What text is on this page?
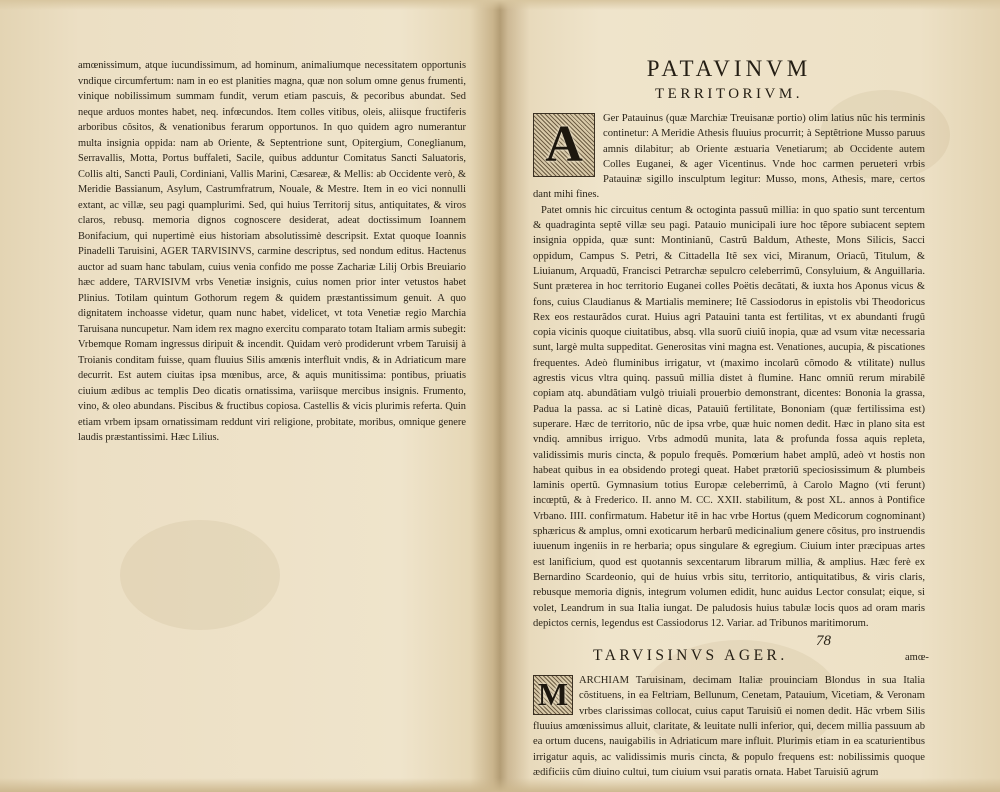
amœnissimum, atque iucundissimum, ad hominum, animaliumque necessitatem opportunis vndique circumfertum: nam in eo est planities magna, quæ non solum omne genus frumenti, vinique nobilissimum summam fundit, verum etiam pascuis, & pecoribus abundat. Sed neque arduos montes habet, neq. infœcundos. Item colles vitibus, oleis, aliisque fructiferis arboribus cõsitos, & venationibus ferarum opportunos. In quo quidem agro numerantur multa insignia oppida: nam ab Oriente, & Septentrione sunt, Opitergium, Coneglianum, Serravallis, Motta, Portus buffaleti, Sacile, quibus adduntur Comitatus Sancti Saluatoris, Collis alti, Sancti Pauli, Cordiniani, Vallis Marini, Cæsareæ, & Mellis: ab Occidente verò, & Meridie Bassianum, Asylum, Castrumfratrum, Nouale, & Mestre. Item in eo vici nonnulli extant, ac villæ, seu pagi quamplurimi. Sed, qui huius Territorij situs, antiquitates, & viros claros, rebusq. memoria dignos cognoscere desiderat, adeat doctissimum Ioannem Bonifacium, qui nupertimè eius historiam absolutissimè descripsit. Extat quoque Ioannis Pinadelli Taruisini, AGER TARVISINVS, carmine descriptus, sed nondum editus. Hactenus auctor ad suam hanc tabulam, cuius venia confido me posse Zachariæ Lilij Orbis Breuiario hæc addere, TARVISIVM vrbs Venetiæ insignis, cuius nomen prior inter vetustos habet Plinius. Totilam quintum Gothorum regem & quidem præstantissimum genuit. A quo dignitatem inchoasse videtur, quam nunc habet, videlicet, vt tota Venetiæ regio Marchia Taruisana nuncupetur. Nam idem rex magno exercitu comparato totam Italiam armis subegit: Vrbemque Romam ingressus diripuit & incendit. Quidam verò prodiderunt vrbem Taruisij à Troianis conditam fuisse, quam fluuius Silis amœnis interfluit vndis, & in Adriaticum mare decurrit. Est autem ciuitas ipsa mœnibus, arce, & aquis munitissima: pontibus, priuatis ciuium ædibus ac templis Deo dicatis ornatissima, variisque mercibus insignis. Frumento, vino, & oleo abundans. Piscibus & fructibus copiosa. Castellis & vicis plurimis referta. Quin etiam vrbem ipsam ornatissimam reddunt viri religione, probitate, moribus, omnique genere laudis præstantissimi. Hæc Lilius.
PATAVINVM
TERRITORIVM.
A	Ger Patauinus (quæ Marchiæ Treuisanæ portio) olim latius nũc his terminis continetur: A Meridie Athesis fluuius procurrit; à Septẽtrione Musso paruus amnis dilabitur; ab Oriente æstuaria Venetiarum; ab Occidente autem Colles Euganei, & ager Vicentinus. Vnde hoc carmen perueteri vrbis Patauinæ sigillo insculptum legitur: Musso, mons, Athesis, mare, certos dant mihi fines.
Patet omnis hic circuitus centum & octoginta passuũ millia: in quo spatio sunt tercentum & quadraginta septẽ villæ seu pagi. Patauio municipali iure hoc tẽpore subiacent septem insignia oppida, quæ sunt: Montinianũ, Castrũ Baldum, Atheste, Mons Silicis, Sacci oppidum, Campus S. Petri, & Cittadella Itẽ sex vici, Miranum, Oriacũ, Titulum, & Liuianum, Arquadũ, Francisci Petrarchæ sepulcro celeberrimũ, Consyluium, & Anguillaria. Sunt præterea in hoc territorio Euganei colles Poëtis decãtati, & iuxta hos Aponus vicus & fons, cuius Claudianus & Martialis meminere; Itẽ Cassiodorus in epistolis vbi Theodoricus Rex eos restaurãdos curat. Huius agri Patauini tanta est fertilitas, vt ex abundanti frugũ copia vicinis quoque ciuitatibus, absq. vlla suorũ ciuiũ inopia, quæ ad vsum vitæ necessaria sunt, largè multa suppeditat. Generositas vini magna est. Venationes, aucupia, & piscationes frequentes. Adeò fluminibus irrigatur, vt (maximo incolarũ cõmodo & vtilitate) nullus agrestis vicus vltra quinq. passuũ millia distet à flumine. Hanc omniũ rerum mirabilẽ copiam atq. abundãtiam vulgò triuiali prouerbio demonstrant, dicentes: Bononia la grassa, Padua la passa. ac si Latinè dicas, Patauiũ fertilitate, Bononiam (quæ fertilissima est) superare. Hæc de territorio, nũc de ipsa vrbe, quæ huic nomen dedit. Hæc in plano sita est vndiq. amnibus irriguo. Vrbs admodũ munita, lata & profunda fossa aquis repleta, validissimis muris cincta, & populo frequẽs. Pomœrium habet amplũ, adeò vt hostis non habeat quibus in ea obsidendo protegi queat. Habet prætoriũ speciosissimum & plumbeis laminis opertũ. Gymnasium totius Europæ celeberrimũ, à Carolo Magno (vti ferunt) incœptũ, & à Frederico. II. anno M. CC. XXII. stabilitum, & post XL. annos à Pontifice Vrbano. IIII. confirmatum. Habetur itẽ in hac vrbe Hortus (quem Medicorum cognominant) sphæricus & amplus, omni exoticarum herbarũ medicinalium genere cõsitus, pro instruendis iuuenum ingeniis in re herbaria; opus singulare & egregium. Ciuium inter præcipuas artes est lanificium, quod est quotannis sexcentarum librarum millia, & amplius. Hæc ferè ex Bernardino Scardeonio, qui de huius vrbis situ, territorio, antiquitatibus, & viris claris, rebusque memoria dignis, integrum volumen edidit, hunc auidus Lector consulat; eique, si volet, Leandrum in sua Italia iungat. De paludosis huius tabulæ locis quos ad oram maris depictos cernis, legendus est Cassiodorus 12. Variar. ad Tribunos maritimorum.
TARVISINVS AGER.
M	ARCHIAM Taruisinam, decimam Italiæ prouinciam Blondus in sua Italia cõstituens, in ea Feltriam, Bellunum, Cenetam, Patauium, Vicetiam, & Veronam vrbes clarissimas collocat, cuius caput Taruisiũ ei nomen dedit. Hãc vrbem Silis fluuius amœnissimus alluit, claritate, & leuitate nulli inferior, qui, decem millia passuum ab ea ortum ducens, nauigabilis in Adriaticum mare influit. Plurimis etiam in ea scaturientibus irrigatur aquis, ac validissimis muris cincta, & populo frequens est: nobilissimis quoque ædificiis cũm diuino cultui, tum ciuium vsui paratis ornata. Habet Taruisiũ agrum
78
amœ-
